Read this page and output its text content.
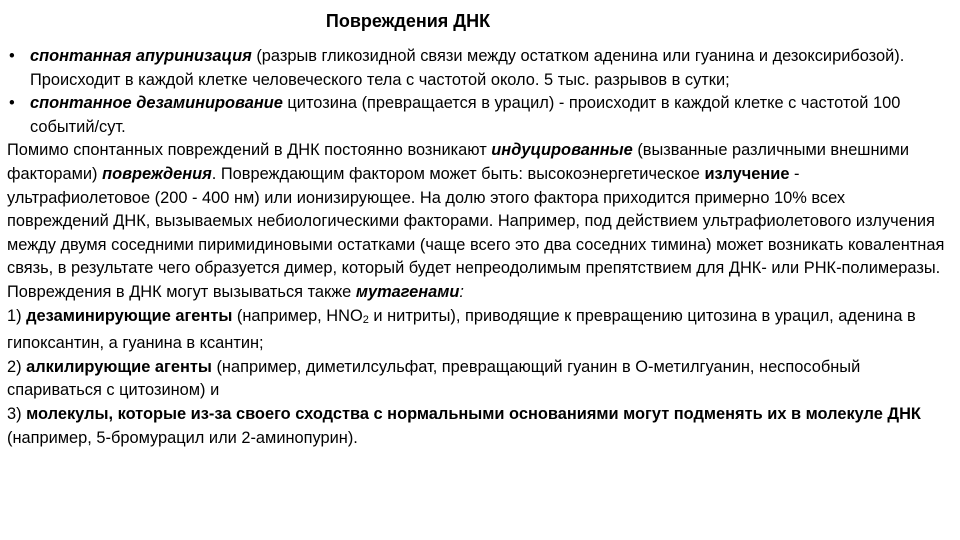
Повреждения ДНК

• спонтанная апуринизация (разрыв гликозидной связи между остатком аденина или гуанина и дезоксирибозой). Происходит в каждой клетке человеческого тела с частотой около. 5 тыс. разрывов в сутки;

• спонтанное дезаминирование цитозина (превращается в урацил) - происходит в каждой клетке с частотой 100 событий/сут.

Помимо спонтанных повреждений в ДНК постоянно возникают индуцированные (вызванные различными внешними факторами) повреждения. Повреждающим фактором может быть: высокоэнергетическое излучение - ультрафиолетовое (200 - 400 нм) или ионизирующее. На долю этого фактора приходится примерно 10% всех повреждений ДНК, вызываемых небиологическими факторами. Например, под действием ультрафиолетового излучения между двумя соседними пиримидиновыми остатками (чаще всего это два соседних тимина) может возникать ковалентная связь, в результате чего образуется димер, который будет непреодолимым препятствием для ДНК- или РНК-полимеразы.

Повреждения в ДНК могут вызываться также мутагенами:

1) дезаминирующие агенты (например, $HNO_2$ и нитриты), приводящие к превращению цитозина в урацил, аденина в гипоксантин, а гуанина в ксантин;

2) алкилирующие агенты (например, диметилсульфат, превращающий гуанин в O-метилгуанин, неспособный спариваться с цитозином) и

3) молекулы, которые из-за своего сходства с нормальными основаниями могут подменять их в молекуле ДНК (например, 5-бромурацил или 2-аминопурин).
